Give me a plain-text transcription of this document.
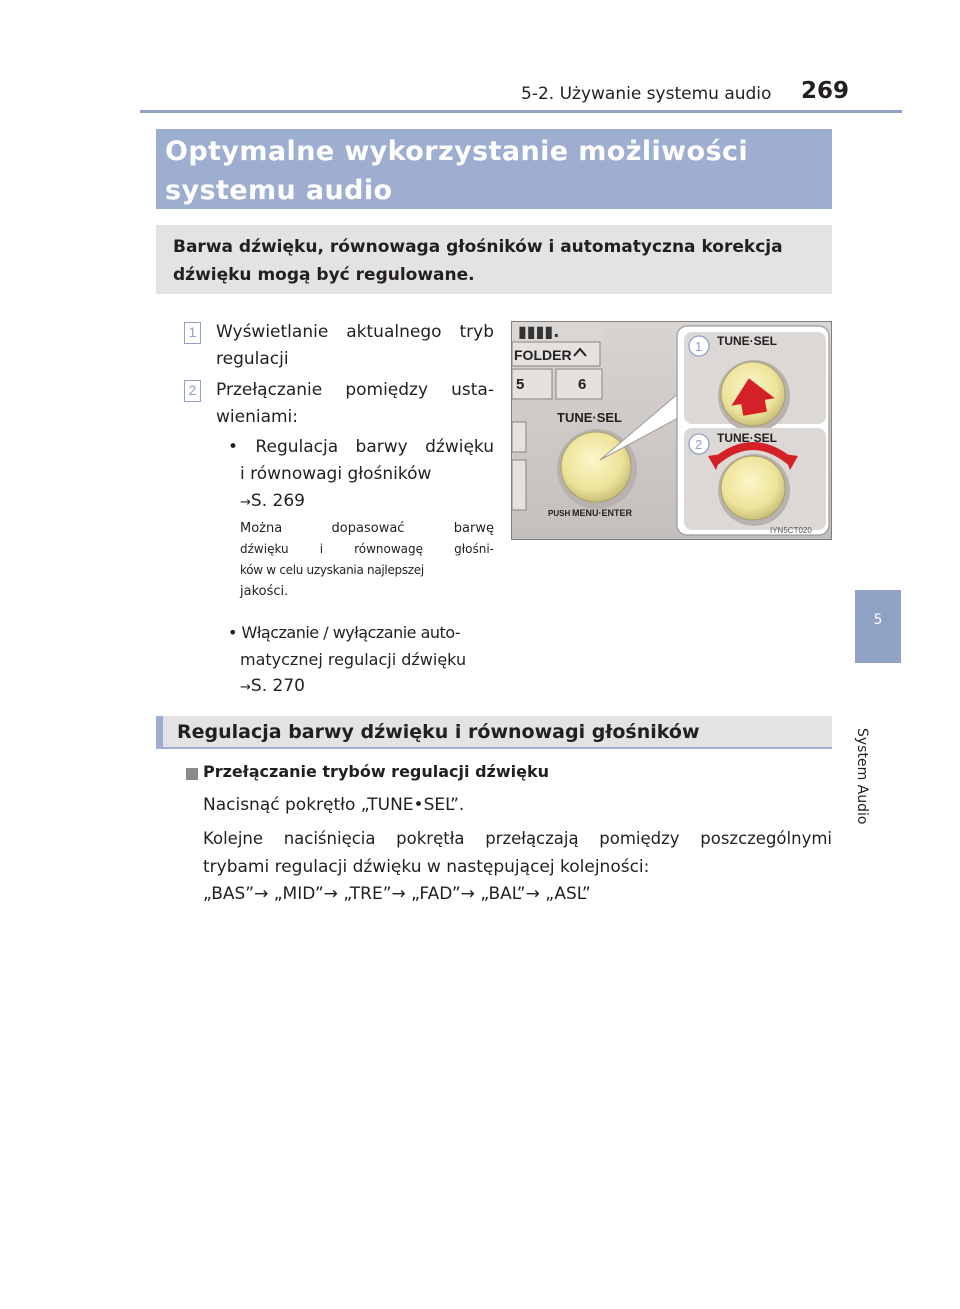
5-2. Używanie systemu audio 269
5
System Audio
Optymalne wykorzystanie możliwości
systemu audio

Barwa dźwięku, równowaga głośników i automatyczna korekcja
dźwięku mogą być regulowane.

1 Wyświetlanie aktualnego tryb
regulacji
2 Przełączanie pomiędzy usta-
wieniami:
• Regulacja barwy dźwięku
i równowagi głośników
→S. 269
Można dopasować barwę
dźwięku i równowagę głośni-
ków w celu uzyskania najlepszej
jakości.
• Włączanie / wyłączanie auto-
matycznej regulacji dźwięku
→S. 270
▮▮▮▮.
FOLDER
5	6
TUNE·SEL
PUSH MENU·ENTER
1 TUNE·SEL
2 TUNE·SEL
IYN5CT020
Regulacja barwy dźwięku i równowagi głośników
Przełączanie trybów regulacji dźwięku
Nacisnąć pokrętło „TUNE•SEL”.
Kolejne naciśnięcia pokrętła przełączają pomiędzy poszczególnymi
trybami regulacji dźwięku w następującej kolejności:
„BAS”→ „MID”→ „TRE”→ „FAD”→ „BAL”→ „ASL”
